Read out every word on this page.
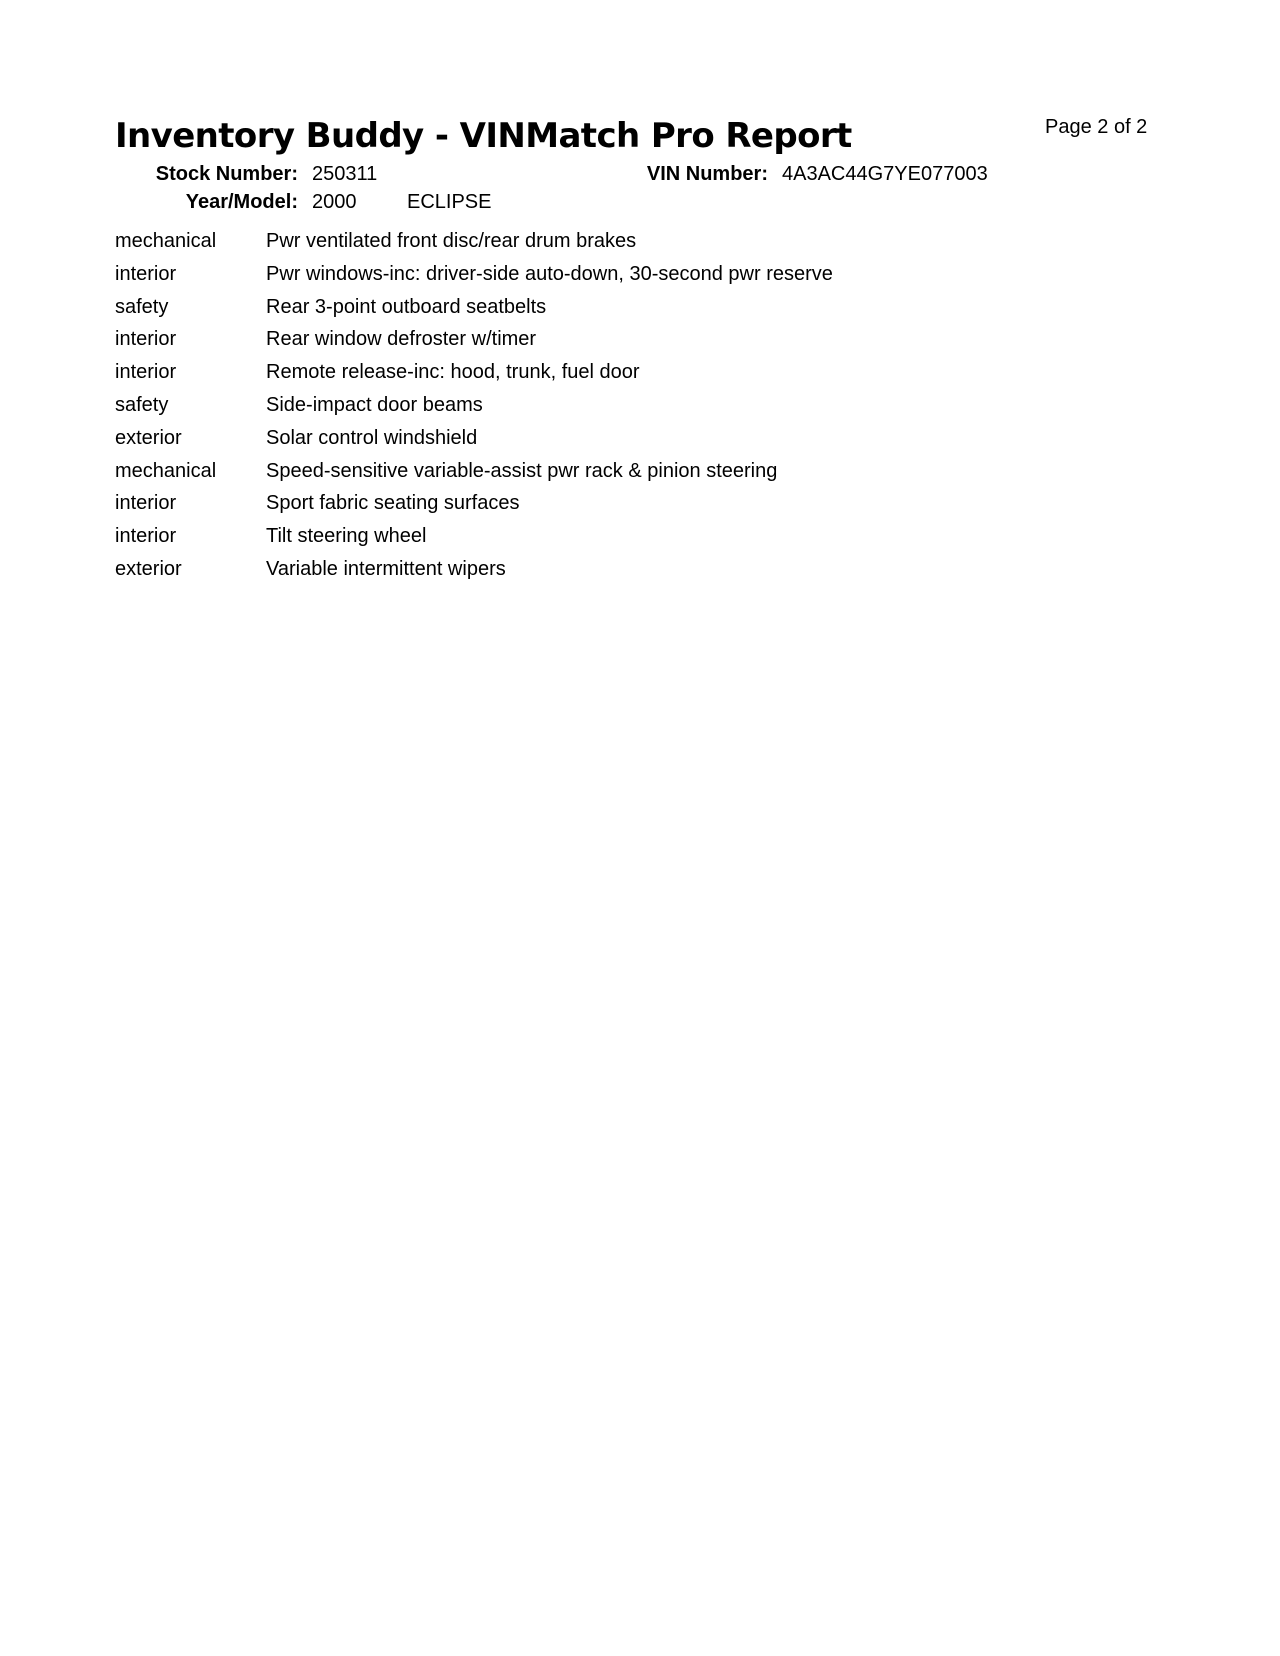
Inventory Buddy - VINMatch Pro Report	Page 2 of 2
Stock Number: 250311	VIN Number: 4A3AC44G7YE077003
Year/Model: 2000	ECLIPSE
mechanical Pwr ventilated front disc/rear drum brakes
interior	Pwr windows-inc: driver-side auto-down, 30-second pwr reserve
safety	Rear 3-point outboard seatbelts
interior	Rear window defroster w/timer
interior	Remote release-inc: hood, trunk, fuel door
safety	Side-impact door beams
exterior	Solar control windshield
mechanical Speed-sensitive variable-assist pwr rack & pinion steering
interior	Sport fabric seating surfaces
interior	Tilt steering wheel
exterior	Variable intermittent wipers
